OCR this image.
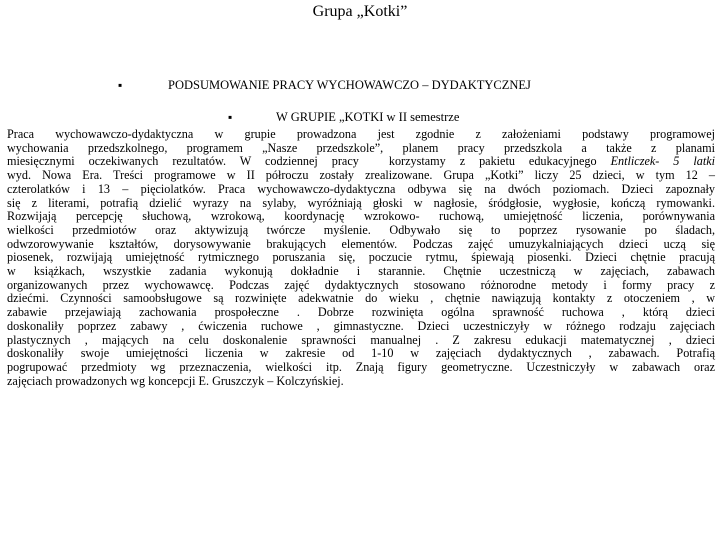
Grupa „Kotki”
▪	PODSUMOWANIE PRACY WYCHOWAWCZO – DYDAKTYCZNEJ
▪	W GRUPIE „KOTKI w II semestrze
Praca wychowawczo-dydaktyczna w grupie prowadzona jest zgodnie z założeniami podstawy programowej
wychowania przedszkolnego, programem „Nasze przedszkole”, planem pracy przedszkola a także z planami
miesięcznymi oczekiwanych rezultatów. W codziennej pracy korzystamy z pakietu edukacyjnego Entliczek- 5 latki
wyd. Nowa Era. Treści programowe w II półroczu zostały zrealizowane. Grupa „Kotki” liczy 25 dzieci, w tym 12 –
czterolatków i 13 – pięciolatków. Praca wychowawczo-dydaktyczna odbywa się na dwóch poziomach. Dzieci zapoznały
się z literami, potrafią dzielić wyrazy na sylaby, wyróżniają głoski w nagłosie, śródgłosie, wygłosie, kończą rymowanki.
Rozwijają percepcję słuchową, wzrokową, koordynację wzrokowo- ruchową, umiejętność liczenia, porównywania
wielkości przedmiotów oraz aktywizują twórcze myślenie. Odbywało się to poprzez rysowanie po śladach,
odwzorowywanie kształtów, dorysowywanie brakujących elementów. Podczas zajęć umuzykalniających dzieci uczą się
piosenek, rozwijają umiejętność rytmicznego poruszania się, poczucie rytmu, śpiewają piosenki. Dzieci chętnie pracują
w książkach, wszystkie zadania wykonują dokładnie i starannie. Chętnie uczestniczą w zajęciach, zabawach
organizowanych przez wychowawcę. Podczas zajęć dydaktycznych stosowano różnorodne metody i formy pracy z
dziećmi. Czynności samoobsługowe są rozwinięte adekwatnie do wieku , chętnie nawiązują kontakty z otoczeniem , w
zabawie przejawiają zachowania prospołeczne . Dobrze rozwinięta ogólna sprawność ruchowa , którą dzieci
doskonaliły poprzez zabawy , ćwiczenia ruchowe , gimnastyczne. Dzieci uczestniczyły w różnego rodzaju zajęciach
plastycznych , mających na celu doskonalenie sprawności manualnej . Z zakresu edukacji matematycznej , dzieci
doskonaliły swoje umiejętności liczenia w zakresie od 1-10 w zajęciach dydaktycznych , zabawach. Potrafią
pogrupować przedmioty wg przeznaczenia, wielkości itp. Znają figury geometryczne. Uczestniczyły w zabawach oraz
zajęciach prowadzonych wg koncepcji E. Gruszczyk – Kolczyńskiej.
